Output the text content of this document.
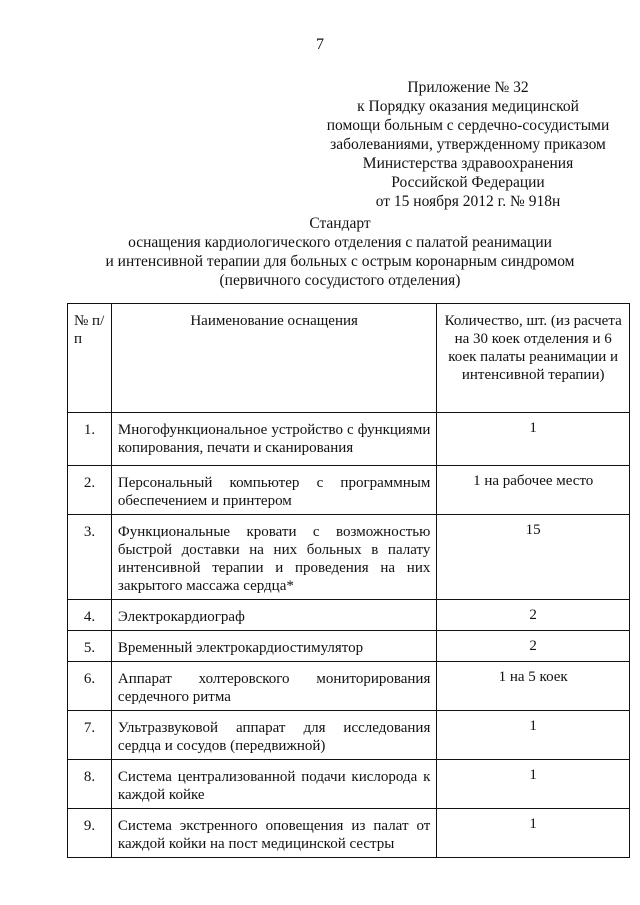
7
Приложение № 32
к Порядку оказания медицинской
помощи больным с сердечно-сосудистыми
заболеваниями, утвержденному приказом
Министерства здравоохранения
Российской Федерации
от 15 ноября 2012 г. № 918н
Стандарт
оснащения кардиологического отделения с палатой реанимации
и интенсивной терапии для больных с острым коронарным синдромом
(первичного сосудистого отделения)
№ п/п	Наименование оснащения	Количество, шт. (из расчета на 30 коек отделения и 6 коек палаты реанимации и интенсивной терапии)
1.	Многофункциональное устройство с функциями копирования, печати и сканирования	1
2.	Персональный компьютер с программным обеспечением и принтером	1 на рабочее место
3.	Функциональные кровати с возможностью быстрой доставки на них больных в палату интенсивной терапии и проведения на них закрытого массажа сердца*	15
4.	Электрокардиограф	2
5.	Временный электрокардиостимулятор	2
6.	Аппарат холтеровского мониторирования сердечного ритма	1 на 5 коек
7.	Ультразвуковой аппарат для исследования сердца и сосудов (передвижной)	1
8.	Система централизованной подачи кислорода к каждой койке	1
9.	Система экстренного оповещения из палат от каждой койки на пост медицинской сестры	1
